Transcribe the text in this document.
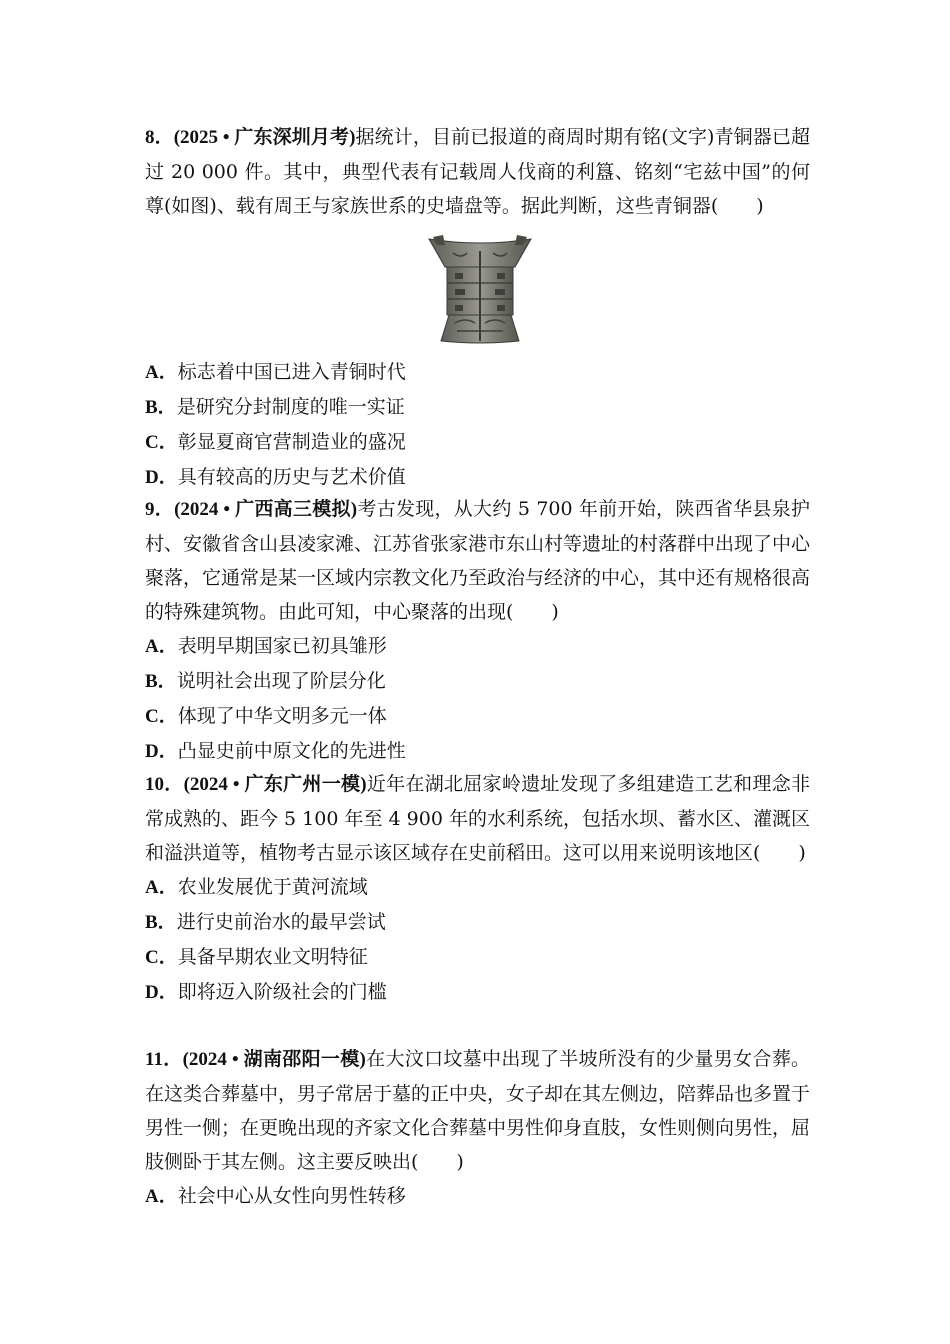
8．(2025 • 广东深圳月考)据统计，目前已报道的商周时期有铭(文字)青铜器已超过 20 000 件。其中，典型代表有记载周人伐商的利簋、铭刻“宅兹中国”的何尊(如图)、载有周王与家族世系的史墙盘等。据此判断，这些青铜器(　　)

A．标志着中国已进入青铜时代

B．是研究分封制度的唯一实证

C．彰显夏商官营制造业的盛况

D．具有较高的历史与艺术价值

9．(2024 • 广西高三模拟)考古发现，从大约 5 700 年前开始，陕西省华县泉护村、安徽省含山县凌家滩、江苏省张家港市东山村等遗址的村落群中出现了中心聚落，它通常是某一区域内宗教文化乃至政治与经济的中心，其中还有规格很高的特殊建筑物。由此可知，中心聚落的出现(　　)

A．表明早期国家已初具雏形

B．说明社会出现了阶层分化

C．体现了中华文明多元一体

D．凸显史前中原文化的先进性

10．(2024 • 广东广州一模)近年在湖北屈家岭遗址发现了多组建造工艺和理念非常成熟的、距今 5 100 年至 4 900 年的水利系统，包括水坝、蓄水区、灌溉区和溢洪道等，植物考古显示该区域存在史前稻田。这可以用来说明该地区(　　)

A．农业发展优于黄河流域

B．进行史前治水的最早尝试

C．具备早期农业文明特征

D．即将迈入阶级社会的门槛

11．(2024 • 湖南邵阳一模)在大汶口坟墓中出现了半坡所没有的少量男女合葬。在这类合葬墓中，男子常居于墓的正中央，女子却在其左侧边，陪葬品也多置于男性一侧；在更晚出现的齐家文化合葬墓中男性仰身直肢，女性则侧向男性，屈肢侧卧于其左侧。这主要反映出(　　)

A．社会中心从女性向男性转移
